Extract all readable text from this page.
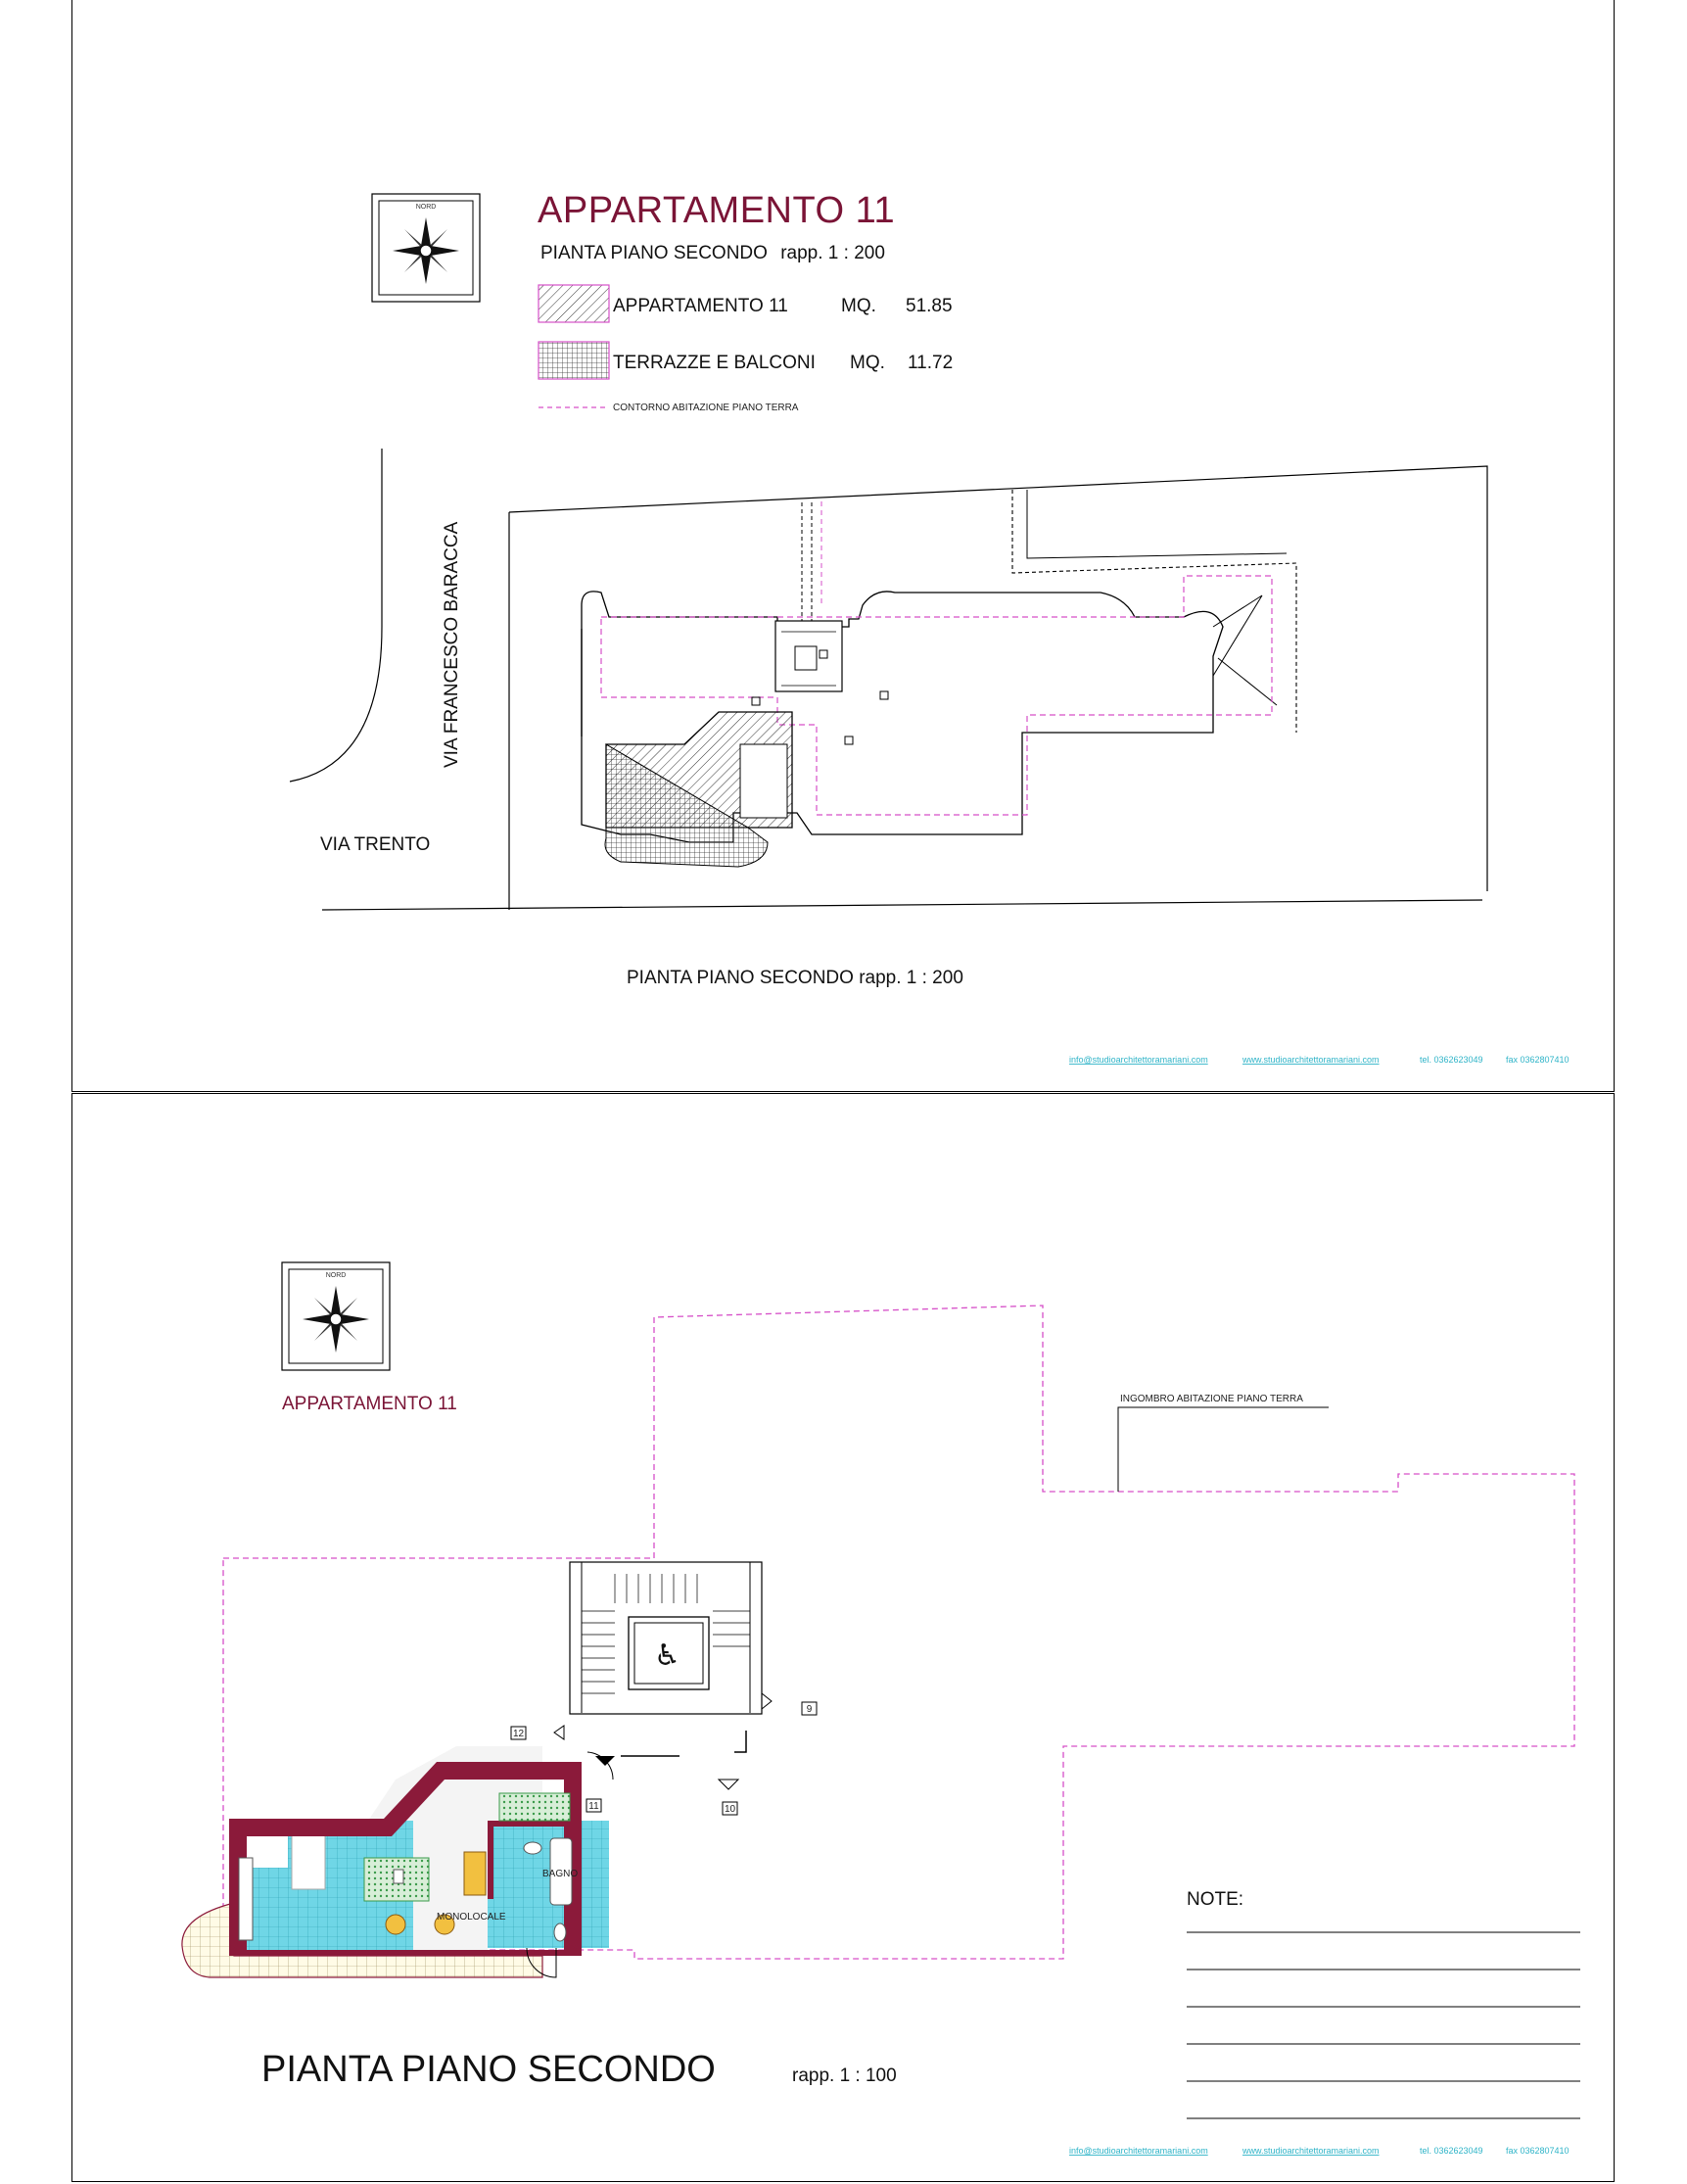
NORD	APPARTAMENTO 11
PIANTA PIANO SECONDO rapp. 1 : 200
APPARTAMENTO 11	MQ. 51.85
TERRAZZE E BALCONI MQ. 11.72
CONTORNO ABITAZIONE PIANO TERRA
VIA FRANCESCO BARACCA
VIA TRENTO
PIANTA PIANO SECONDO rapp. 1 : 200
info@studioarchitettoramariani.com	www.studioarchitettoramariani.com	tel. 0362623049	fax 0362807410
NORD
APPARTAMENTO 11	INGOMBRO ABITAZIONE PIANO TERRA
♿
12
11	10
9
MONOLOCALE
BAGNO
NOTE:
PIANTA PIANO SECONDO	rapp. 1 : 100
info@studioarchitettoramariani.com	www.studioarchitettoramariani.com	tel. 0362623049	fax 0362807410
